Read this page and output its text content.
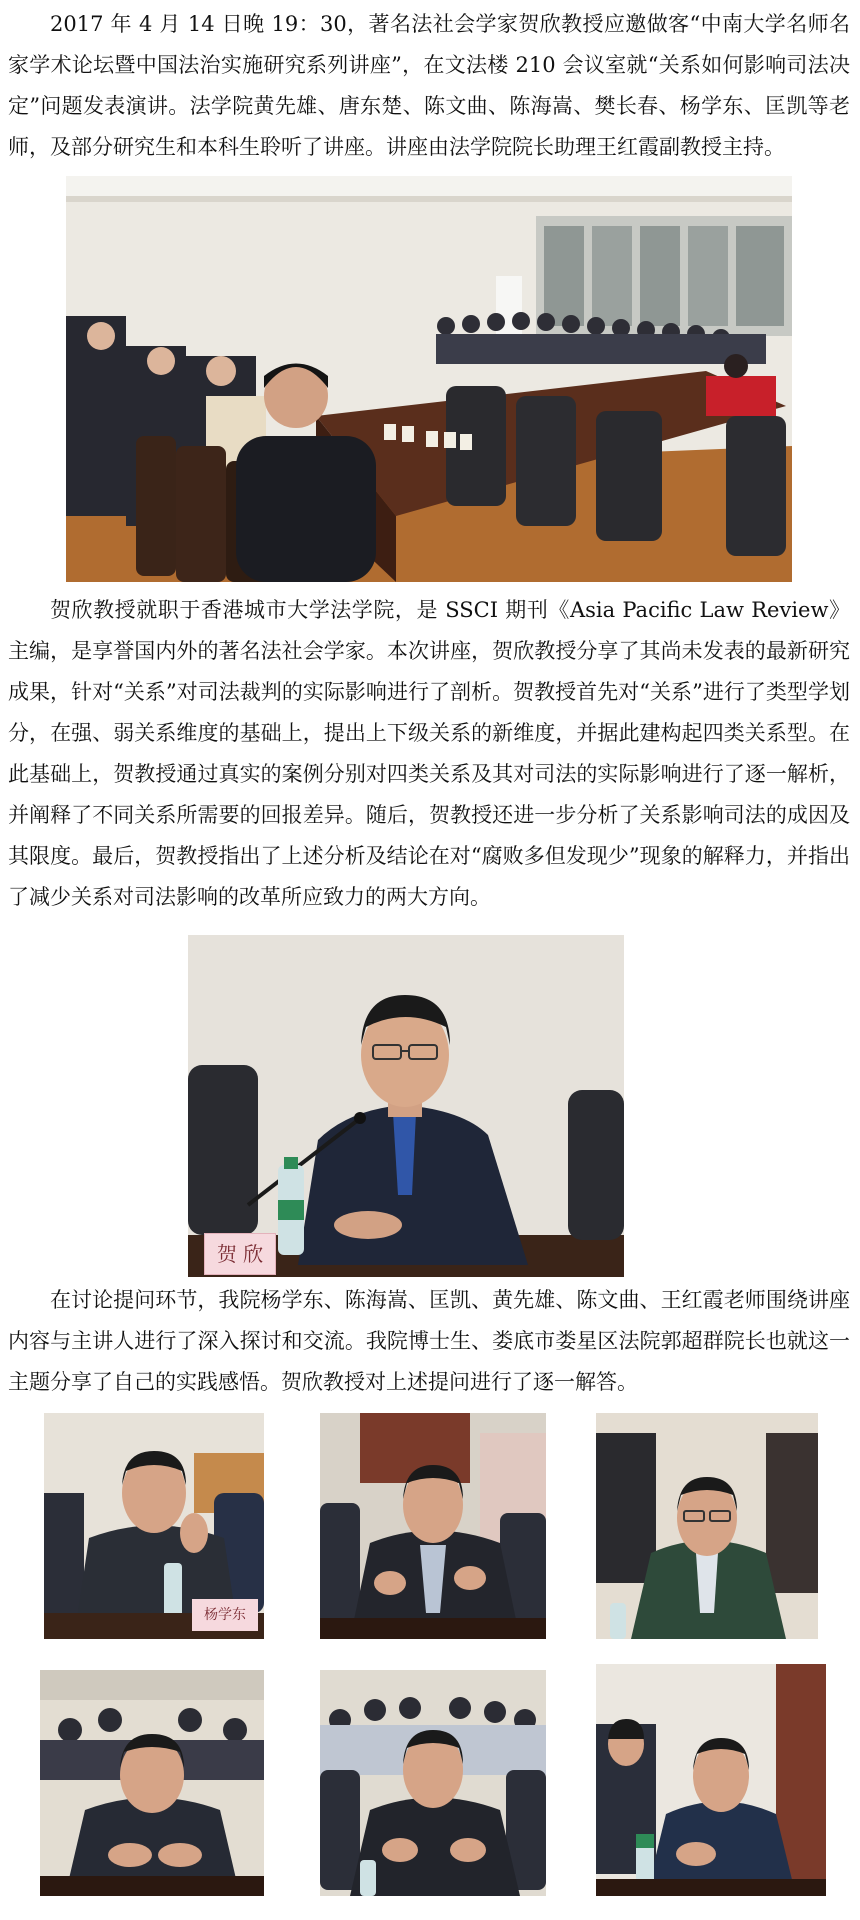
2017 年 4 月 14 日晚 19：30，著名法社会学家贺欣教授应邀做客“中南大学名师名家学术论坛暨中国法治实施研究系列讲座”，在文法楼 210 会议室就“关系如何影响司法决定”问题发表演讲。法学院黄先雄、唐东楚、陈文曲、陈海嵩、樊长春、杨学东、匡凯等老师，及部分研究生和本科生聆听了讲座。讲座由法学院院长助理王红霞副教授主持。

贺欣教授就职于香港城市大学法学院，是 SSCI 期刊《Asia Pacific Law Review》主编，是享誉国内外的著名法社会学家。本次讲座，贺欣教授分享了其尚未发表的最新研究成果，针对“关系”对司法裁判的实际影响进行了剖析。贺教授首先对“关系”进行了类型学划分，在强、弱关系维度的基础上，提出上下级关系的新维度，并据此建构起四类关系型。在此基础上，贺教授通过真实的案例分别对四类关系及其对司法的实际影响进行了逐一解析，并阐释了不同关系所需要的回报差异。随后，贺教授还进一步分析了关系影响司法的成因及其限度。最后，贺教授指出了上述分析及结论在对“腐败多但发现少”现象的解释力，并指出了减少关系对司法影响的改革所应致力的两大方向。

贺 欣

在讨论提问环节，我院杨学东、陈海嵩、匡凯、黄先雄、陈文曲、王红霞老师围绕讲座内容与主讲人进行了深入探讨和交流。我院博士生、娄底市娄星区法院郭超群院长也就这一主题分享了自己的实践感悟。贺欣教授对上述提问进行了逐一解答。

杨学东
